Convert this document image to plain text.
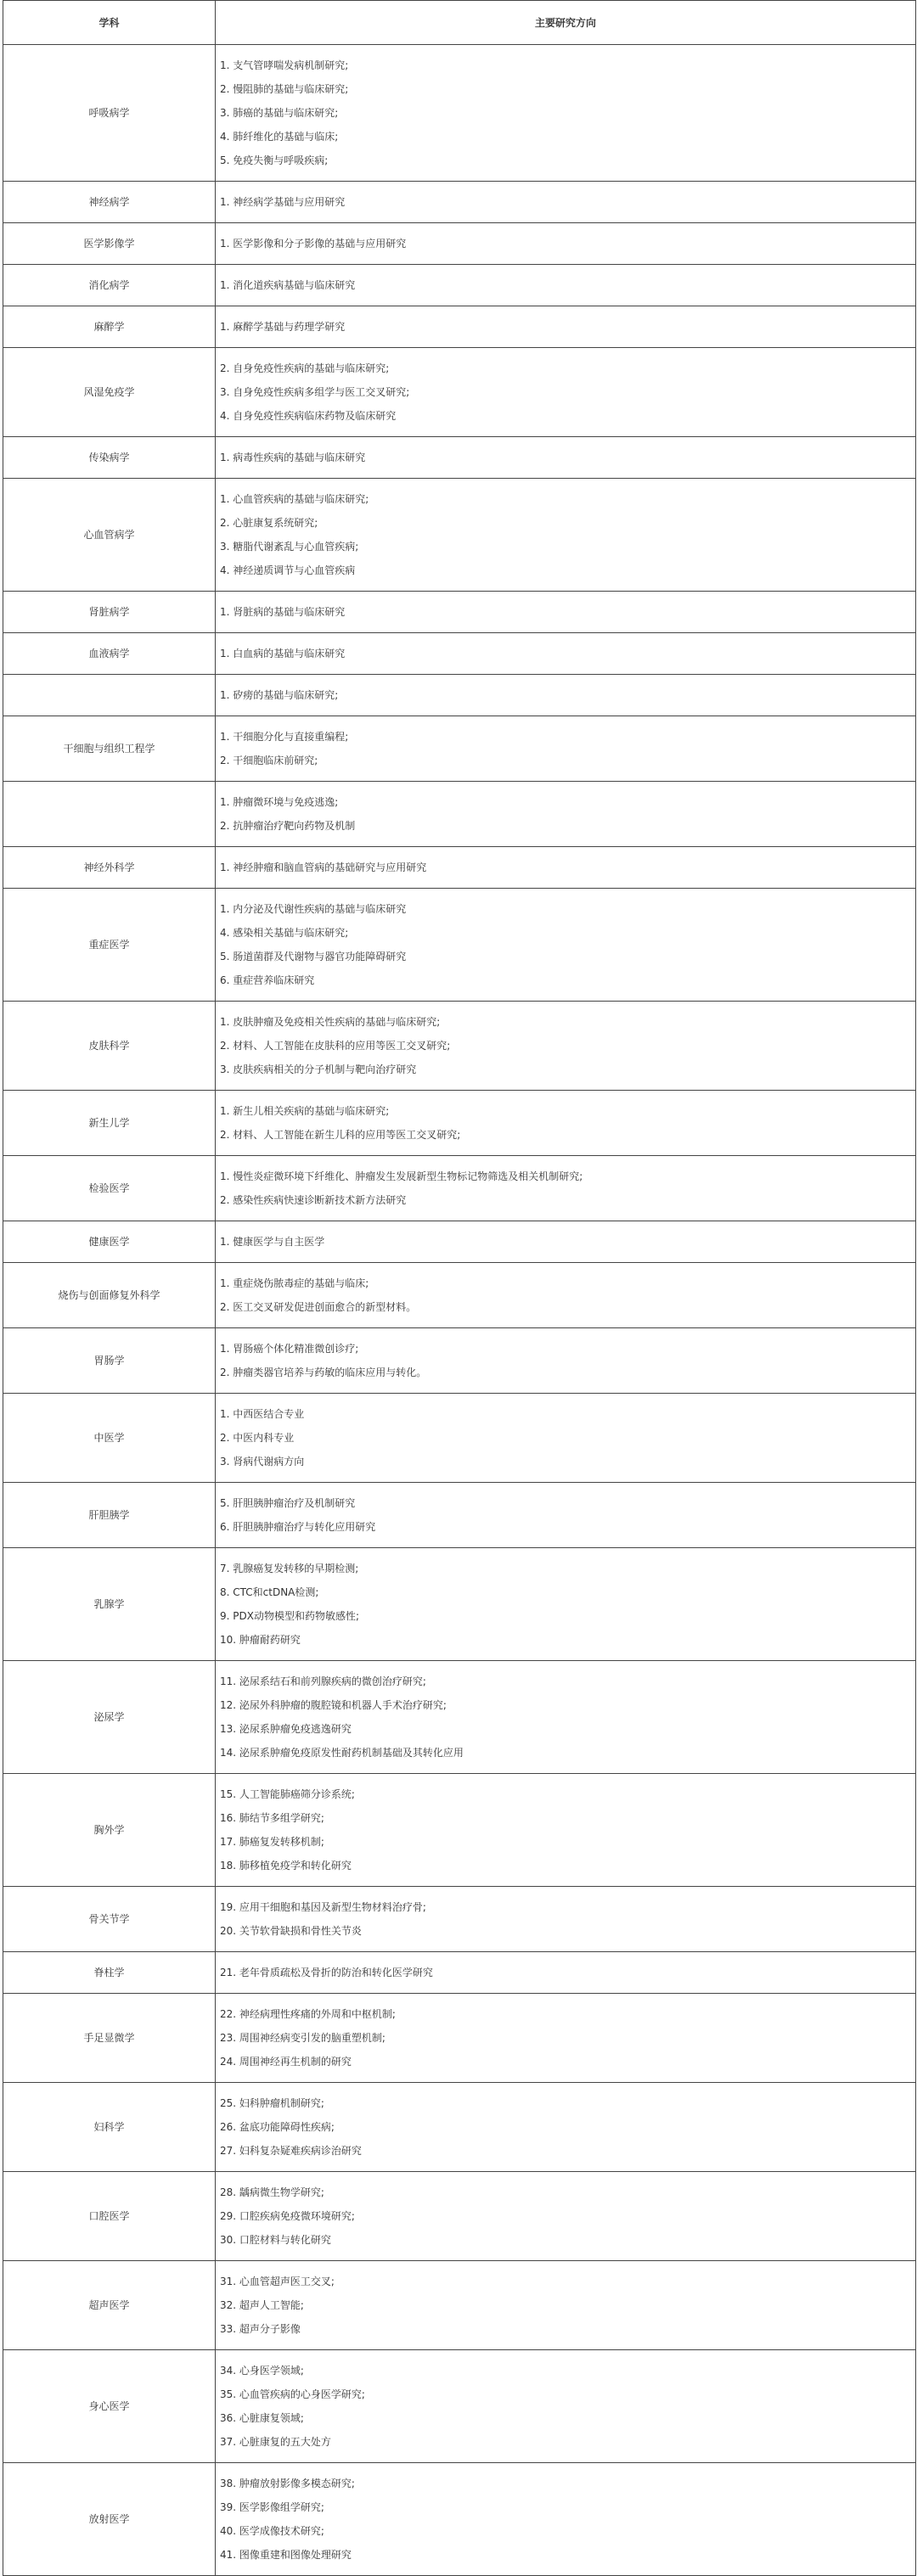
学科	主要研究方向
呼吸病学	1. 支气管哮喘发病机制研究;
2. 慢阻肺的基础与临床研究;
3. 肺癌的基础与临床研究;
4. 肺纤维化的基础与临床;
5. 免疫失衡与呼吸疾病;

神经病学	1. 神经病学基础与应用研究

医学影像学	1. 医学影像和分子影像的基础与应用研究

消化病学	1. 消化道疾病基础与临床研究

麻醉学	1. 麻醉学基础与药理学研究

风湿免疫学	2. 自身免疫性疾病的基础与临床研究;
3. 自身免疫性疾病多组学与医工交叉研究;
4. 自身免疫性疾病临床药物及临床研究

传染病学	1. 病毒性疾病的基础与临床研究

心血管病学	1. 心血管疾病的基础与临床研究;
2. 心脏康复系统研究;
3. 糖脂代谢紊乱与心血管疾病;
4. 神经递质调节与心血管疾病

肾脏病学	1. 肾脏病的基础与临床研究

血液病学	1. 白血病的基础与临床研究

	1. 矽痨的基础与临床研究;

干细胞与组织工程学	1. 干细胞分化与直接重编程;
2. 干细胞临床前研究;

	1. 肿瘤微环境与免疫逃逸;
2. 抗肿瘤治疗靶向药物及机制

神经外科学	1. 神经肿瘤和脑血管病的基础研究与应用研究

重症医学	1. 内分泌及代谢性疾病的基础与临床研究
4. 感染相关基础与临床研究;
5. 肠道菌群及代谢物与器官功能障碍研究
6. 重症营养临床研究

皮肤科学	1. 皮肤肿瘤及免疫相关性疾病的基础与临床研究;
2. 材料、人工智能在皮肤科的应用等医工交叉研究;
3. 皮肤疾病相关的分子机制与靶向治疗研究

新生儿学	1. 新生儿相关疾病的基础与临床研究;
2. 材料、人工智能在新生儿科的应用等医工交叉研究;

检验医学	1. 慢性炎症微环境下纤维化、肿瘤发生发展新型生物标记物筛选及相关机制研究;
2. 感染性疾病快速诊断新技术新方法研究

健康医学	1. 健康医学与自主医学

烧伤与创面修复外科学	1. 重症烧伤脓毒症的基础与临床;
2. 医工交叉研发促进创面愈合的新型材料。

胃肠学	1. 胃肠癌个体化精准微创诊疗;
2. 肿瘤类器官培养与药敏的临床应用与转化。

中医学	1. 中西医结合专业
2. 中医内科专业
3. 肾病代谢病方向

肝胆胰学	5. 肝胆胰肿瘤治疗及机制研究
6. 肝胆胰肿瘤治疗与转化应用研究

乳腺学	7. 乳腺癌复发转移的早期检测;
8. CTC和ctDNA检测;
9. PDX动物模型和药物敏感性;
10. 肿瘤耐药研究

泌尿学	11. 泌尿系结石和前列腺疾病的微创治疗研究;
12. 泌尿外科肿瘤的腹腔镜和机器人手术治疗研究;
13. 泌尿系肿瘤免疫逃逸研究
14. 泌尿系肿瘤免疫原发性耐药机制基础及其转化应用

胸外学	15. 人工智能肺癌筛分诊系统;
16. 肺结节多组学研究;
17. 肺癌复发转移机制;
18. 肺移植免疫学和转化研究

骨关节学	19. 应用干细胞和基因及新型生物材料治疗骨;
20. 关节软骨缺损和骨性关节炎

脊柱学	21. 老年骨质疏松及骨折的防治和转化医学研究

手足显微学	22. 神经病理性疼痛的外周和中枢机制;
23. 周围神经病变引发的脑重塑机制;
24. 周围神经再生机制的研究

妇科学	25. 妇科肿瘤机制研究;
26. 盆底功能障碍性疾病;
27. 妇科复杂疑难疾病诊治研究

口腔医学	28. 龋病微生物学研究;
29. 口腔疾病免疫微环境研究;
30. 口腔材料与转化研究

超声医学	31. 心血管超声医工交叉;
32. 超声人工智能;
33. 超声分子影像

身心医学	34. 心身医学领域;
35. 心血管疾病的心身医学研究;
36. 心脏康复领域;
37. 心脏康复的五大处方

放射医学	38. 肿瘤放射影像多模态研究;
39. 医学影像组学研究;
40. 医学成像技术研究;
41. 图像重建和图像处理研究
